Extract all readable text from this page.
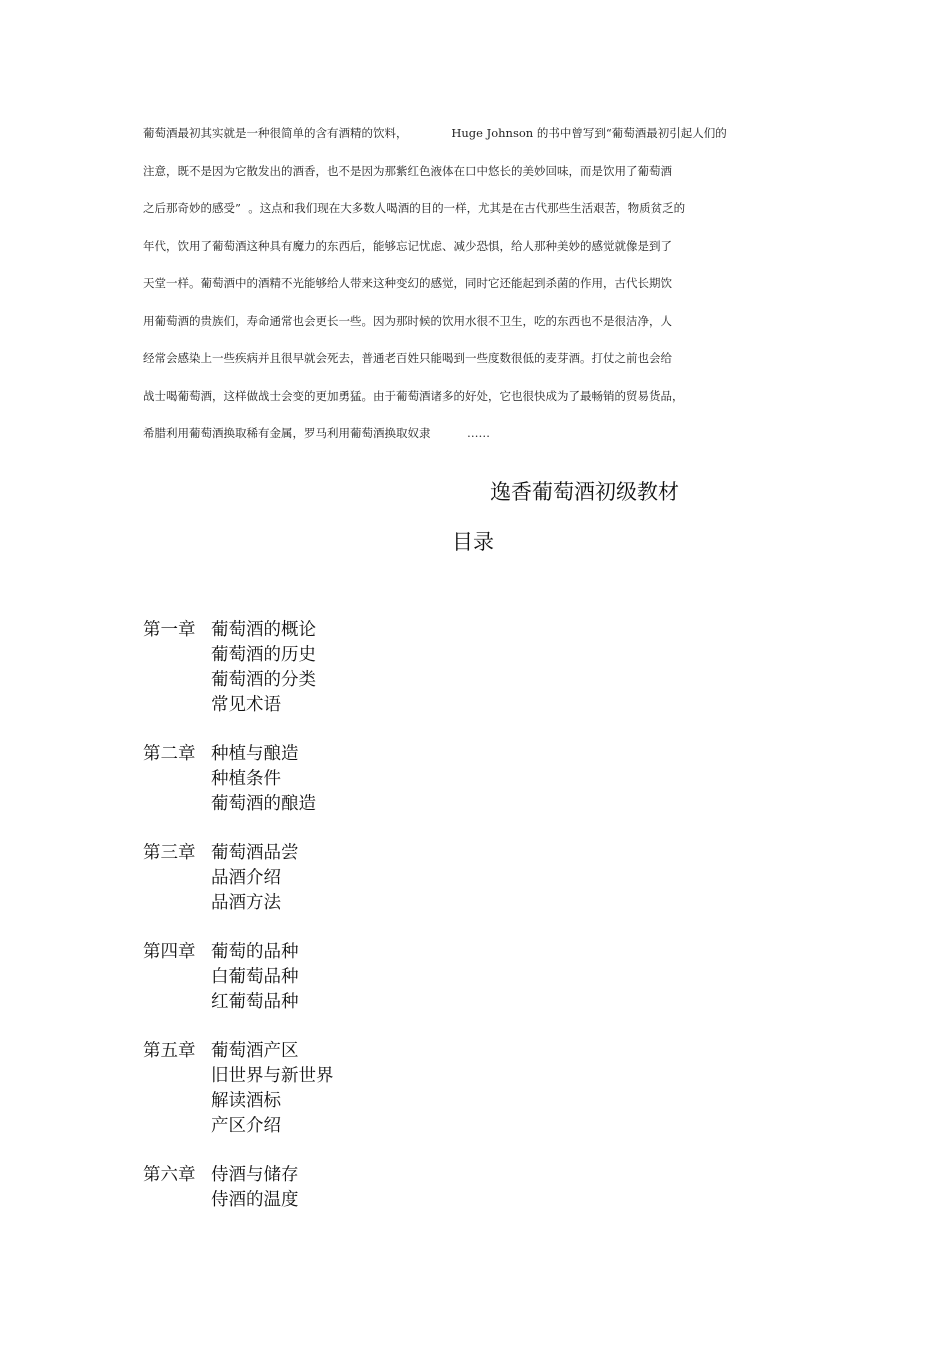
葡萄酒最初其实就是一种很简单的含有酒精的饮料，            Huge Johnson 的书中曾写到“葡萄酒最初引起人们的
注意，既不是因为它散发出的酒香，也不是因为那紫红色液体在口中悠长的美妙回味，而是饮用了葡萄酒
之后那奇妙的感受”  。这点和我们现在大多数人喝酒的目的一样，尤其是在古代那些生活艰苦，物质贫乏的
年代，饮用了葡萄酒这种具有魔力的东西后，能够忘记忧虑、减少恐惧，给人那种美妙的感觉就像是到了
天堂一样。葡萄酒中的酒精不光能够给人带来这种变幻的感觉，同时它还能起到杀菌的作用，古代长期饮
用葡萄酒的贵族们，寿命通常也会更长一些。因为那时候的饮用水很不卫生，吃的东西也不是很洁净，人
经常会感染上一些疾病并且很早就会死去，普通老百姓只能喝到一些度数很低的麦芽酒。打仗之前也会给
战士喝葡萄酒，这样做战士会变的更加勇猛。由于葡萄酒诸多的好处，它也很快成为了最畅销的贸易货品，
希腊利用葡萄酒换取稀有金属，罗马利用葡萄酒换取奴隶          ……
逸香葡萄酒初级教材
目录
第一章 葡萄酒的概论
葡萄酒的历史
葡萄酒的分类
常见术语
第二章 种植与酿造
种植条件
葡萄酒的酿造
第三章 葡萄酒品尝
品酒介绍
品酒方法
第四章 葡萄的品种
白葡萄品种
红葡萄品种
第五章 葡萄酒产区
旧世界与新世界
解读酒标
产区介绍
第六章 侍酒与储存
侍酒的温度
